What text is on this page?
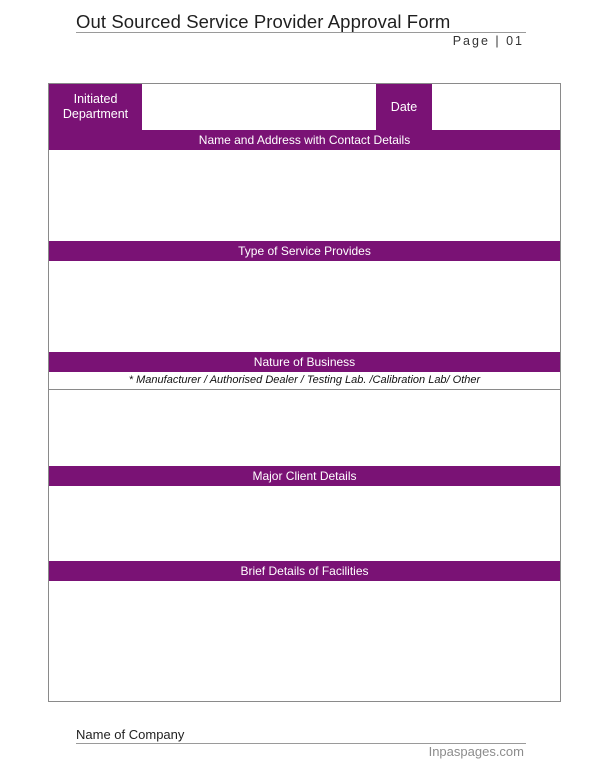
Out Sourced Service Provider Approval Form
Page | 01
Initiated Department
Date
Name and Address with Contact Details
Type of Service Provides
Nature of Business
* Manufacturer / Authorised Dealer / Testing Lab. /Calibration Lab/ Other
Major Client Details
Brief Details of Facilities
Name of Company
Inpaspages.com
